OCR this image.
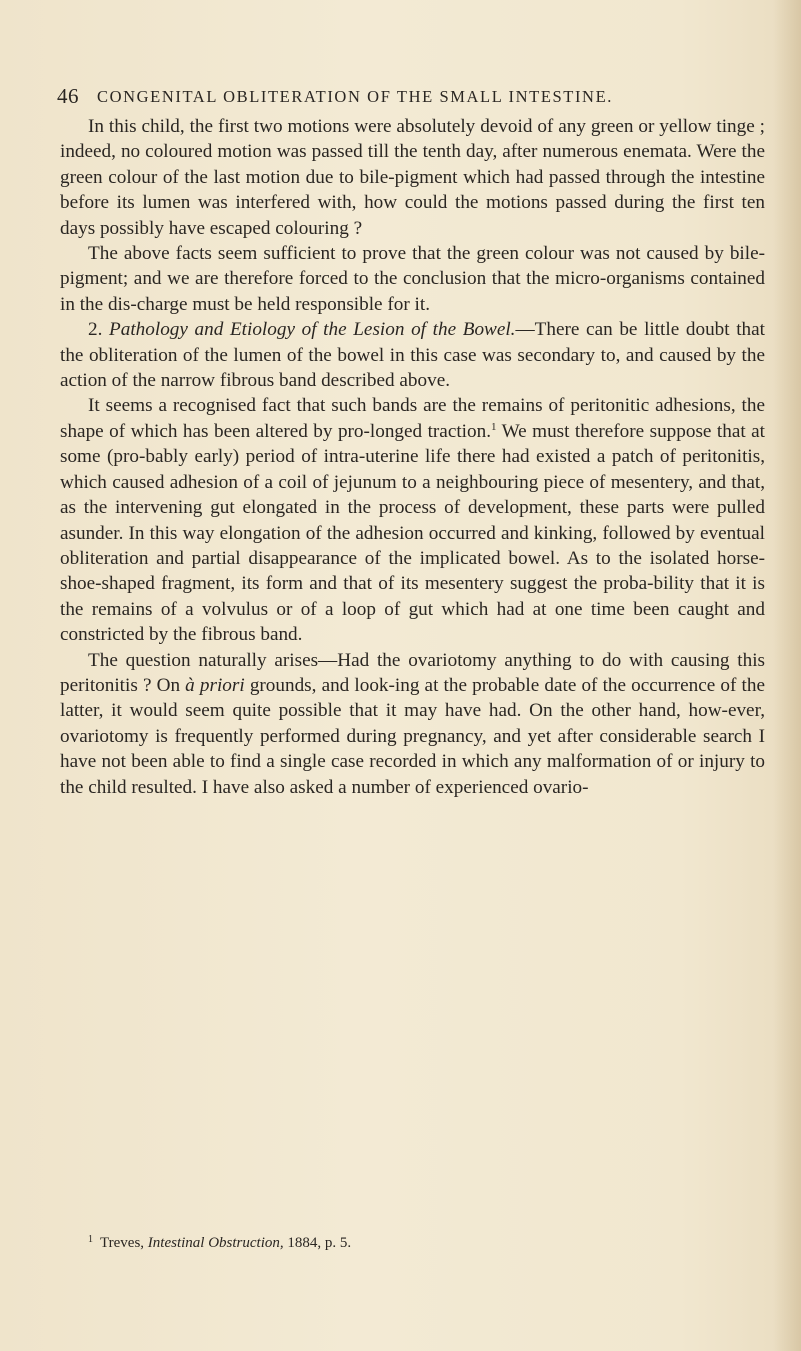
46 CONGENITAL OBLITERATION OF THE SMALL INTESTINE.

In this child, the first two motions were absolutely devoid of any green or yellow tinge ; indeed, no coloured motion was passed till the tenth day, after numerous enemata. Were the green colour of the last motion due to bile-pigment which had passed through the intestine before its lumen was interfered with, how could the motions passed during the first ten days possibly have escaped colouring ?

The above facts seem sufficient to prove that the green colour was not caused by bile-pigment; and we are therefore forced to the conclusion that the micro-organisms contained in the dis-charge must be held responsible for it.

2. Pathology and Etiology of the Lesion of the Bowel.—There can be little doubt that the obliteration of the lumen of the bowel in this case was secondary to, and caused by the action of the narrow fibrous band described above.

It seems a recognised fact that such bands are the remains of peritonitic adhesions, the shape of which has been altered by pro-longed traction.$^1$ We must therefore suppose that at some (pro-bably early) period of intra-uterine life there had existed a patch of peritonitis, which caused adhesion of a coil of jejunum to a neighbouring piece of mesentery, and that, as the intervening gut elongated in the process of development, these parts were pulled asunder. In this way elongation of the adhesion occurred and kinking, followed by eventual obliteration and partial disappearance of the implicated bowel. As to the isolated horse-shoe-shaped fragment, its form and that of its mesentery suggest the proba-bility that it is the remains of a volvulus or of a loop of gut which had at one time been caught and constricted by the fibrous band.

The question naturally arises—Had the ovariotomy anything to do with causing this peritonitis ? On à priori grounds, and look-ing at the probable date of the occurrence of the latter, it would seem quite possible that it may have had. On the other hand, how-ever, ovariotomy is frequently performed during pregnancy, and yet after considerable search I have not been able to find a single case recorded in which any malformation of or injury to the child resulted. I have also asked a number of experienced ovario-

$^1$ Treves, Intestinal Obstruction, 1884, p. 5.
